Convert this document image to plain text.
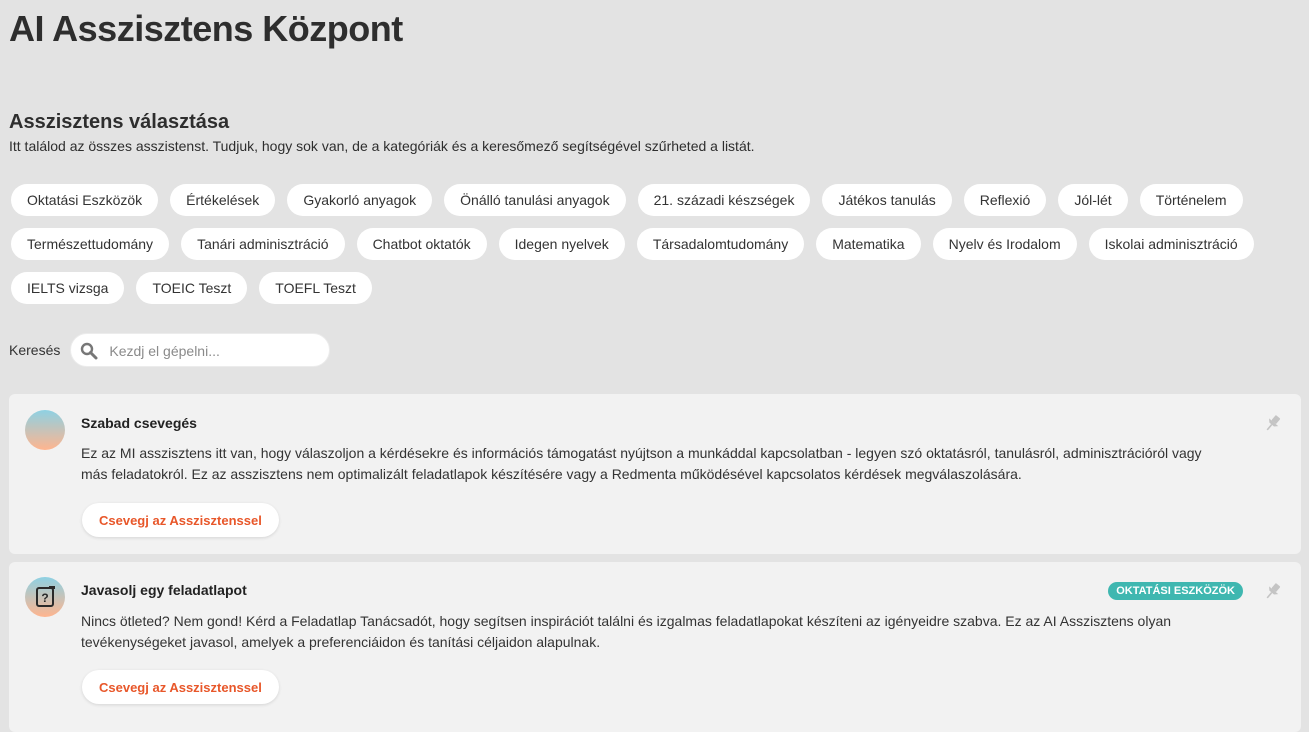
AI Asszisztens Központ
Asszisztens választása

Itt találod az összes asszistenst. Tudjuk, hogy sok van, de a kategóriák és a keresőmező segítségével szűrheted a listát.

Oktatási Eszközök	Értékelések	Gyakorló anyagok	Önálló tanulási anyagok	21. századi készségek	Játékos tanulás	Reflexió	Jól-lét	Történelem
Természettudomány	Tanári adminisztráció	Chatbot oktatók	Idegen nyelvek	Társadalomtudomány	Matematika	Nyelv és Irodalom	Iskolai adminisztráció
IELTS vizsga	TOEIC Teszt	TOEFL Teszt
Keresés
Kezdj el gépelni...
Szabad csevegés

Ez az MI asszisztens itt van, hogy válaszoljon a kérdésekre és információs támogatást nyújtson a munkáddal kapcsolatban - legyen szó oktatásról, tanulásról, adminisztrációról vagy más feladatokról. Ez az asszisztens nem optimalizált feladatlapok készítésére vagy a Redmenta működésével kapcsolatos kérdések megválaszolására.

Csevegj az Asszisztenssel
? Javasolj egy feladatlapot	OKTATÁSI ESZKÖZÖK

Nincs ötleted? Nem gond! Kérd a Feladatlap Tanácsadót, hogy segítsen inspirációt találni és izgalmas feladatlapokat készíteni az igényeidre szabva. Ez az AI Asszisztens olyan tevékenységeket javasol, amelyek a preferenciáidon és tanítási céljaidon alapulnak.

Csevegj az Asszisztenssel
